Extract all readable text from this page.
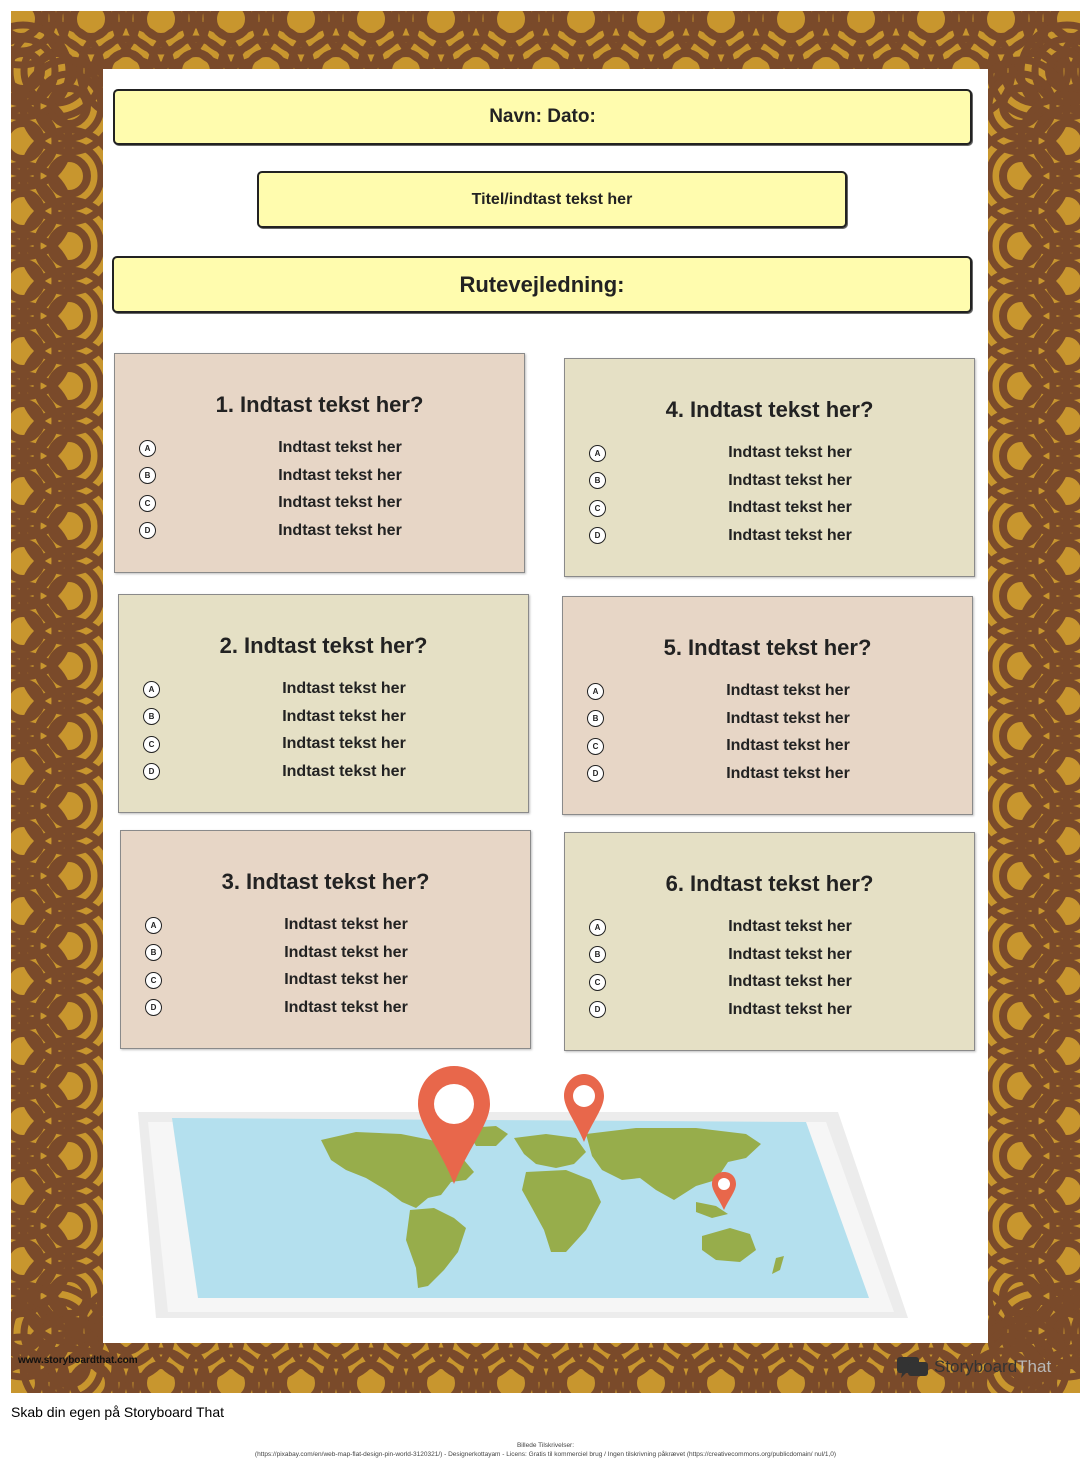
Navn: Dato:
Titel/indtast tekst her
Rutevejledning:
1. Indtast tekst her?
A	Indtast tekst her
B	Indtast tekst her
C	Indtast tekst her
D	Indtast tekst her
2. Indtast tekst her?
A	Indtast tekst her
B	Indtast tekst her
C	Indtast tekst her
D	Indtast tekst her
3. Indtast tekst her?
A	Indtast tekst her
B	Indtast tekst her
C	Indtast tekst her
D	Indtast tekst her
4. Indtast tekst her?
A	Indtast tekst her
B	Indtast tekst her
C	Indtast tekst her
D	Indtast tekst her
5. Indtast tekst her?
A	Indtast tekst her
B	Indtast tekst her
C	Indtast tekst her
D	Indtast tekst her
6. Indtast tekst her?
A	Indtast tekst her
B	Indtast tekst her
C	Indtast tekst her
D	Indtast tekst her
www.storyboardthat.com	StoryboardThat
Skab din egen på Storyboard That
Billede Tilskrivelser:
(https://pixabay.com/en/web-map-flat-design-pin-world-3120321/) - Designerkottayam - Licens: Gratis til kommerciel brug / Ingen tilskrivning påkrævet (https://creativecommons.org/publicdomain/ nul/1,0)
